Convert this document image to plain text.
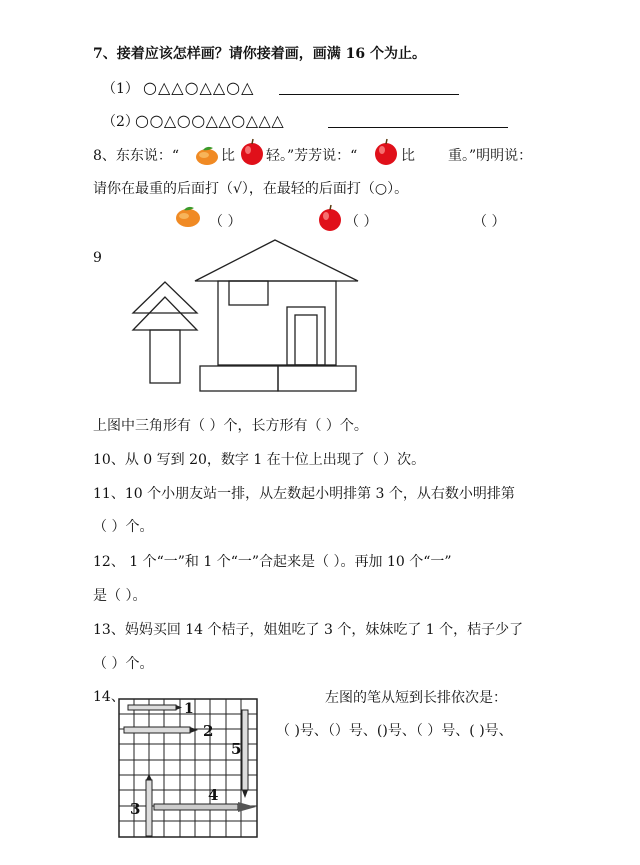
7、接着应该怎样画？请你接着画，画满 16 个为止。
（1） ○△△○△△○△
（2）
○○△○○△△○△△△
8、东东说：“	比 轻。”芳芳说：“	比 重。”明明说：
请你在最重的后面打（√），在最轻的后面打（○）。
（ ）	（ ）	（ ）
9
上图中三角形有（ ）个，长方形有（ ）个。
10、从 0 写到 20，数字 1 在十位上出现了（ ）次。
11、10 个小朋友站一排，从左数起小明排第 3 个，从右数小明排第
（ ）个。
12、 1 个“一”和 1 个“一”合起来是（ ）。再加 10 个“一”
是（ ）。
13、妈妈买回 14 个桔子，姐姐吃了 3 个，妹妹吃了 1 个，桔子少了
（ ）个。
14、	左图的笔从短到长排依次是：
（ )号、（）号、()号、（ ）号、( )号、
1
2
3
4
5
